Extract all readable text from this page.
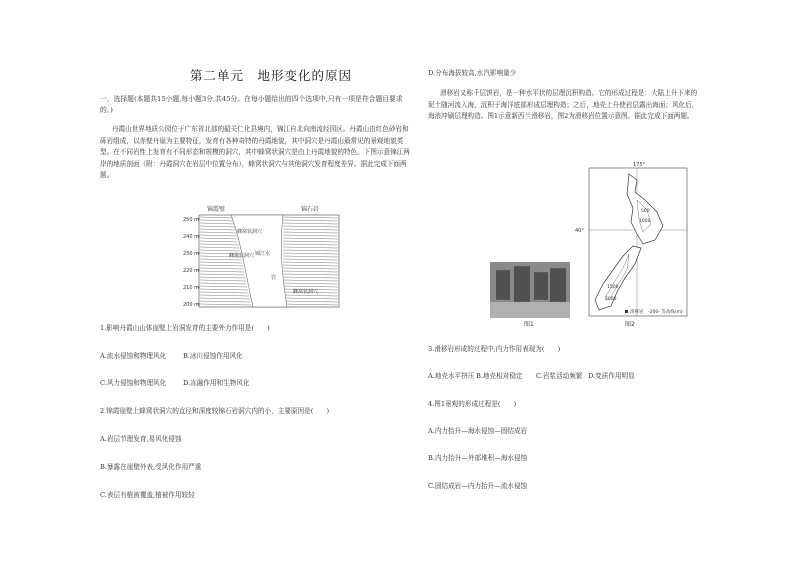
第二单元　地形变化的原因
一、选择题(本题共15小题,每小题3分,共45分。在每小题给出的四个选项中,只有一项是符合题目要求的。)
丹霞山世界地质公园位于广东省北部的韶关仁化县境内，锦江自北向南流经园区。丹霞山由红色砂岩和砾岩组成，以赤壁丹崖为主要特征，发育有各种奇特的丹霞地貌，其中洞穴是丹霞山最常见的景观地貌类型。在不同岩性上发育有不同形态和规模的洞穴，其中蜂窝状洞穴是由上丹霞地貌的特色。下图示意锦江两岸的地质剖面（附：丹霞洞穴在岩层中位置分布），蜂窝状洞穴与其他洞穴发育程度差异。据此完成下面两题。
锦霞壁	锦石岩
250 m
240 m
230 m
220 m
210 m
200 m
蜂窝状洞穴
蜂窝状洞穴 锦江水
岩
蜂窝状洞穴
1.影响丹霞山山体崖壁上岩洞发育的主要外力作用是(　　)
A.流水侵蚀和物理风化	B.冰川侵蚀作用风化
C.风力侵蚀和物理风化	D.冻融作用和生物风化
2.锦霞崖壁上蜂窝状洞穴的直径和深度较锦石岩洞穴内的小，主要原因是(　　)
A.岩层节理发育,易风化侵蚀
B.暴露在崖壁外表,受风化作用严重
C.表层有植被覆盖,植被作用较轻
D.分布海拔较高,水汽影响量少
滑移岩又称千层饼岩，是一种水平状的层理沉积构造。它的形成过程是：大陆上升下来的泥土随河流入海，沉积于海洋底部形成层理构造；之后，地壳上升使岩层露出海面；风化后，海浪冲刷层理构造。图1示意新西兰滑移岩，图2为滑移岩位置示意图。据此完成下面两题。
图1
175°
40°
500
1000
1500
2000
滑移岩　-200- 等高线(m)
图2
3.滑移岩形成的过程中,内力作用表现为(　　)
A.地壳水平挤压 B.地壳相对稳定 C.岩浆活动频繁 D.变质作用明显
4.图1景观的形成过程是(　　)
A.内力抬升—海水侵蚀—固结成岩
B.内力抬升—外部堆积—海水侵蚀
C.固结成岩—内力抬升—流水侵蚀
